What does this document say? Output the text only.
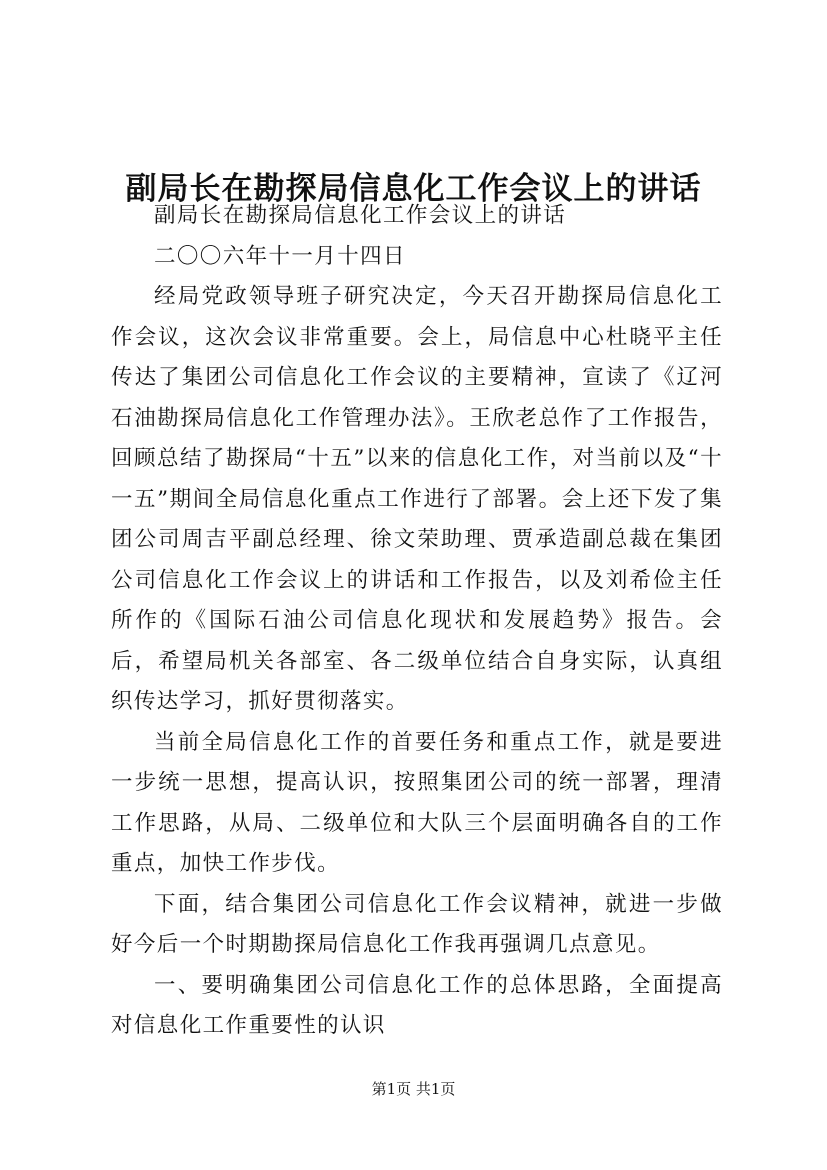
副局长在勘探局信息化工作会议上的讲话

副局长在勘探局信息化工作会议上的讲话

二〇〇六年十一月十四日

经局党政领导班子研究决定，今天召开勘探局信息化工作会议，这次会议非常重要。会上，局信息中心杜晓平主任传达了集团公司信息化工作会议的主要精神，宣读了《辽河石油勘探局信息化工作管理办法》。王欣老总作了工作报告，回顾总结了勘探局“十五”以来的信息化工作，对当前以及“十一五”期间全局信息化重点工作进行了部署。会上还下发了集团公司周吉平副总经理、徐文荣助理、贾承造副总裁在集团公司信息化工作会议上的讲话和工作报告，以及刘希俭主任所作的《国际石油公司信息化现状和发展趋势》报告。会后，希望局机关各部室、各二级单位结合自身实际，认真组织传达学习，抓好贯彻落实。

当前全局信息化工作的首要任务和重点工作，就是要进一步统一思想，提高认识，按照集团公司的统一部署，理清工作思路，从局、二级单位和大队三个层面明确各自的工作重点，加快工作步伐。

下面，结合集团公司信息化工作会议精神，就进一步做好今后一个时期勘探局信息化工作我再强调几点意见。

一、要明确集团公司信息化工作的总体思路，全面提高对信息化工作重要性的认识

第1页 共1页
